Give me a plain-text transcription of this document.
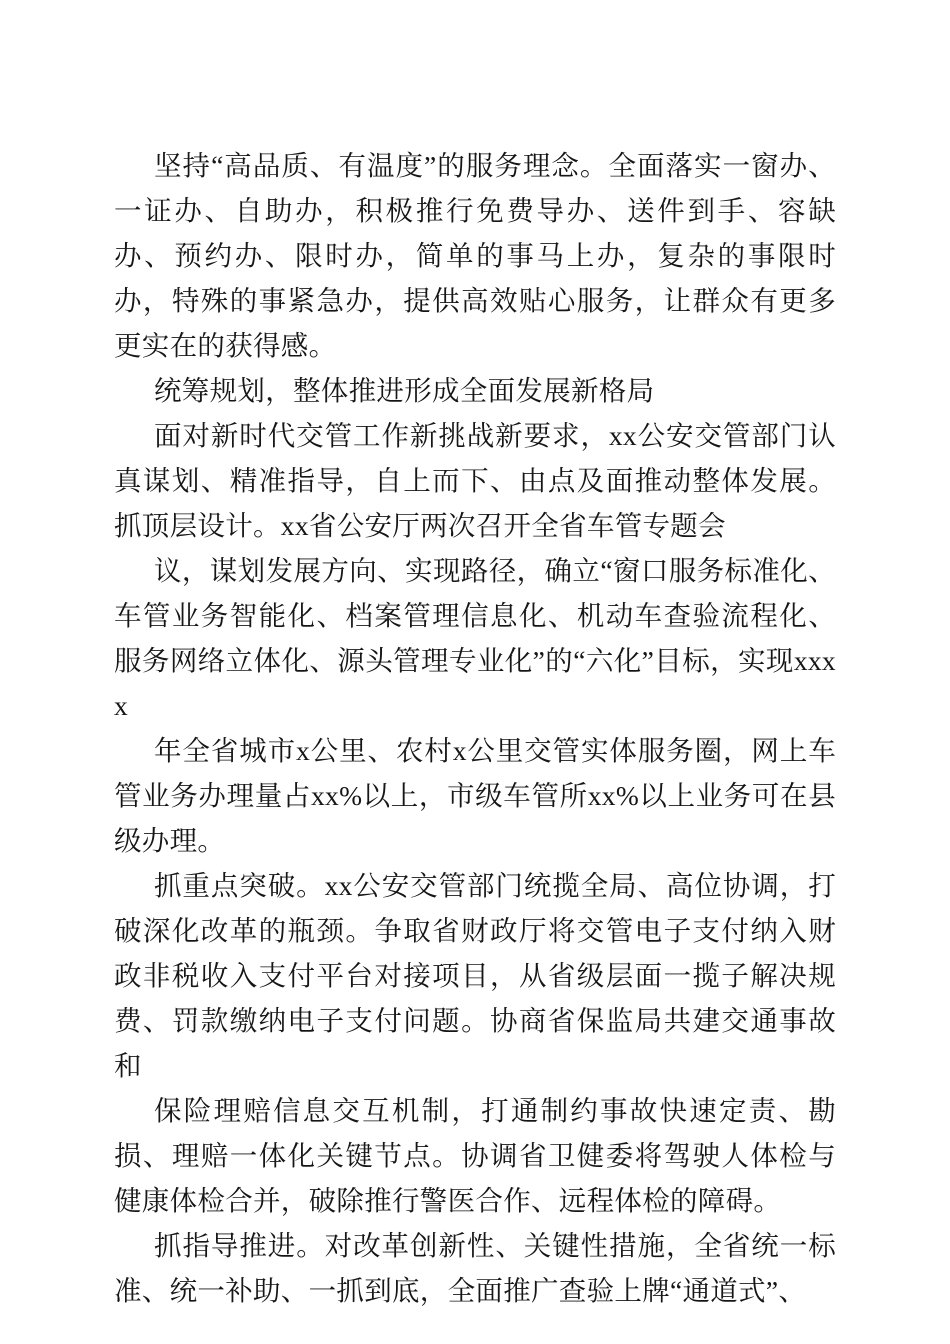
坚持“高品质、有温度”的服务理念。全面落实一窗办、一证办、自助办，积极推行免费导办、送件到手、容缺办、预约办、限时办，简单的事马上办，复杂的事限时办，特殊的事紧急办，提供高效贴心服务，让群众有更多更实在的获得感。

统筹规划，整体推进形成全面发展新格局

面对新时代交管工作新挑战新要求，xx公安交管部门认真谋划、精准指导，自上而下、由点及面推动整体发展。抓顶层设计。xx省公安厅两次召开全省车管专题会

议，谋划发展方向、实现路径，确立“窗口服务标准化、车管业务智能化、档案管理信息化、机动车查验流程化、服务网络立体化、源头管理专业化”的“六化”目标，实现xxxx

年全省城市x公里、农村x公里交管实体服务圈，网上车管业务办理量占xx%以上，市级车管所xx%以上业务可在县级办理。

抓重点突破。xx公安交管部门统揽全局、高位协调，打破深化改革的瓶颈。争取省财政厅将交管电子支付纳入财政非税收入支付平台对接项目，从省级层面一揽子解决规费、罚款缴纳电子支付问题。协商省保监局共建交通事故和

保险理赔信息交互机制，打通制约事故快速定责、勘损、理赔一体化关键节点。协调省卫健委将驾驶人体检与健康体检合并，破除推行警医合作、远程体检的障碍。

抓指导推进。对改革创新性、关键性措施，全省统一标准、统一补助、一抓到底，全面推广查验上牌“通道式”、
